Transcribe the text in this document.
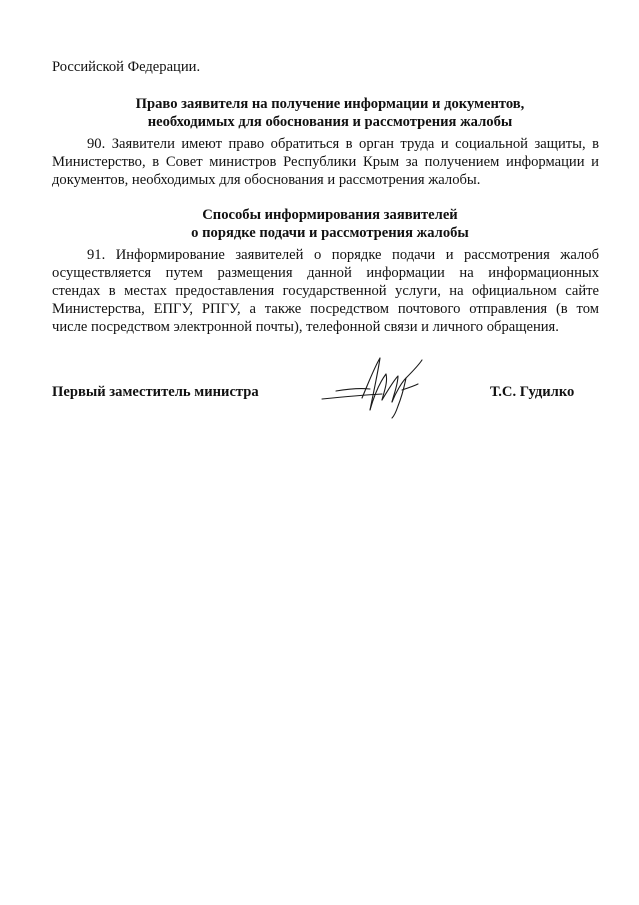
Российской Федерации.
Право заявителя на получение информации и документов,
необходимых для обоснования и рассмотрения жалобы
90. Заявители имеют право обратиться в орган труда и социальной защиты, в
Министерство, в Совет министров Республики Крым за получением информации и
документов, необходимых для обоснования и рассмотрения жалобы.
Способы информирования заявителей
о порядке подачи и рассмотрения жалобы
91. Информирование заявителей о порядке подачи и рассмотрения жалоб
осуществляется путем размещения данной информации на информационных
стендах в местах предоставления государственной услуги, на официальном сайте
Министерства, ЕПГУ, РПГУ, а также посредством почтового отправления (в том
числе посредством электронной почты), телефонной связи и личного обращения.
Первый заместитель министра	Т.С. Гудилко
